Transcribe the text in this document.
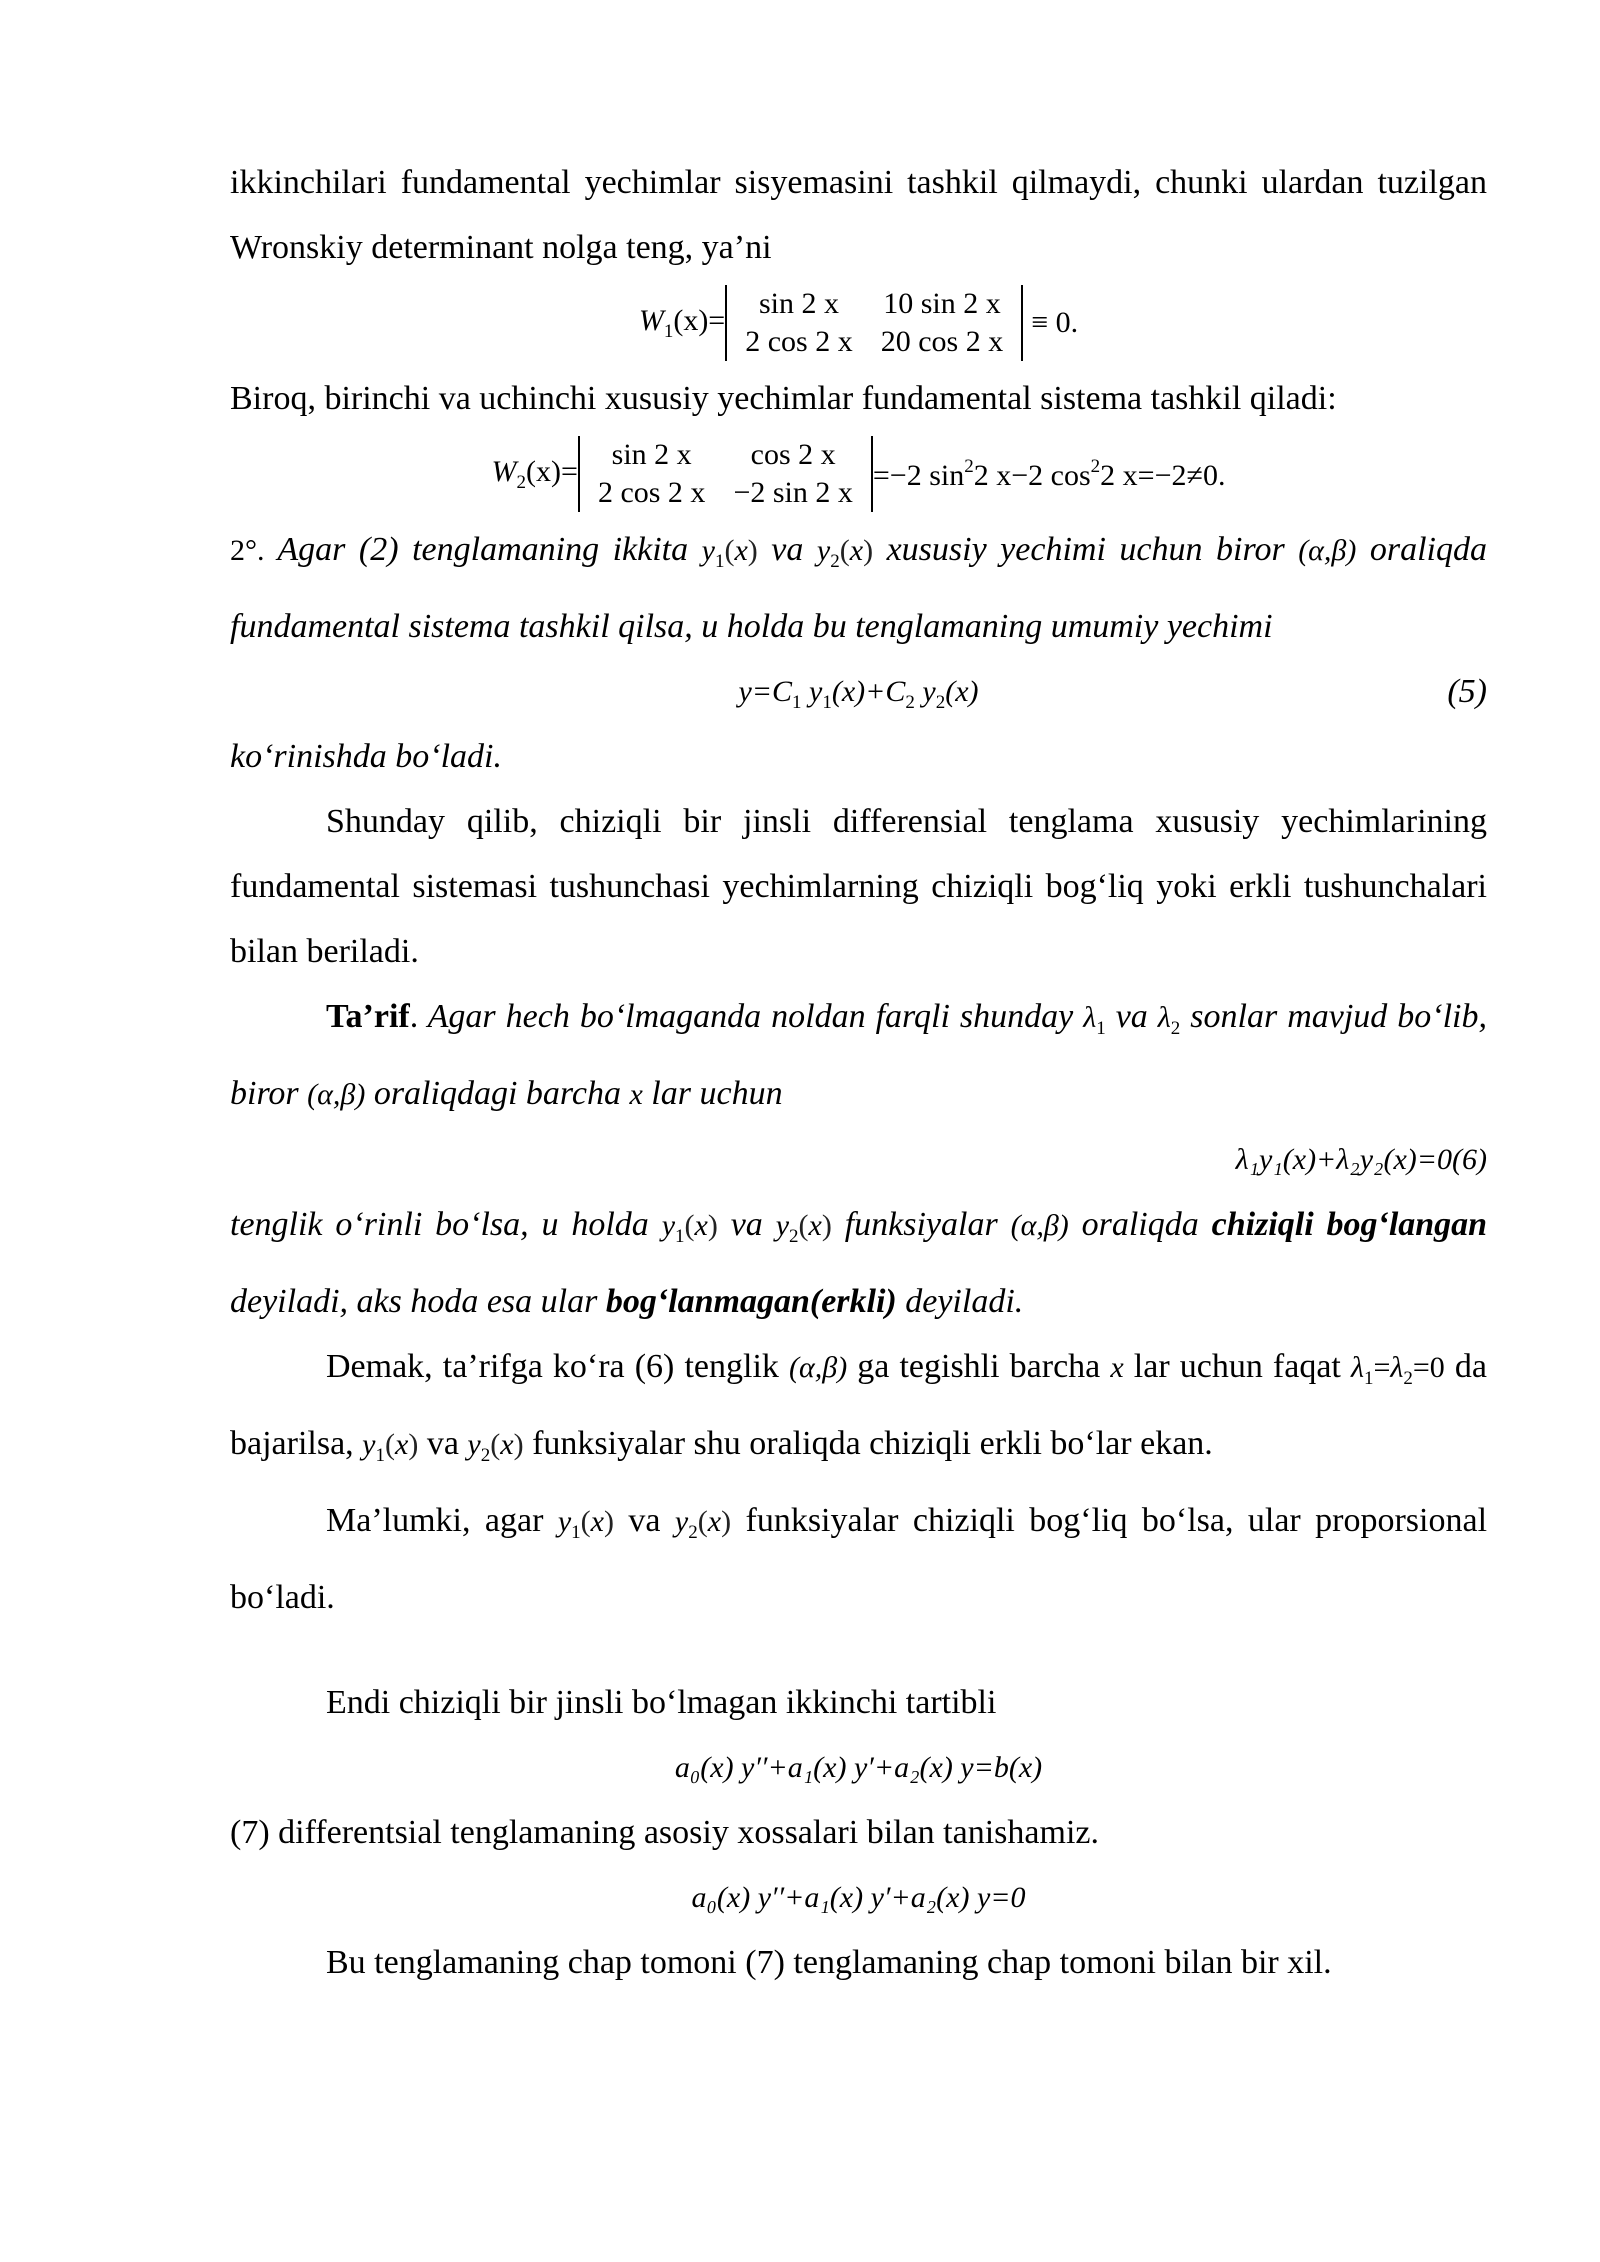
ikkinchilari fundamental yechimlar sisyemasini tashkil qilmaydi, chunki ulardan tuzilgan Wronskiy determinant nolga teng, ya’ni

$W_1(x)= \sin 2$ x	10 sin 2 x
2 cos 2 x	20 cos 2 x
≡ 0.

Biroq, birinchi va uchinchi xususiy yechimlar fundamental sistema tashkil qiladi:

$W_2(x)= \sin 2$ x	cos 2 x
2 cos 2 x	−2 sin 2 x
=−2 $\sin^22$ x−2 $\cos^22$ x=−2≠0.

2°. Agar (2) tenglamaning ikkita $y_1(x)$ va $y_2(x)$ xususiy yechimi uchun biror (α,β) oraliqda fundamental sistema tashkil qilsa, u holda bu tenglamaning umumiy yechimi

$y=C_1$ $y_1(x)+C_2$ $y_2(x)$	(5)

ko‘rinishda bo‘ladi.

Shunday qilib, chiziqli bir jinsli differensial tenglama xususiy yechimlarining fundamental sistemasi tushunchasi yechimlarning chiziqli bog‘liq yoki erkli tushunchalari bilan beriladi.

Ta’rif. Agar hech bo‘lmaganda noldan farqli shunday $\lambda_1$ va $\lambda_2$ sonlar mavjud bo‘lib, biror (α,β) oraliqdagi barcha x lar uchun

λ₁y₁(x)+λ₂y₂(x)=0(6)

tenglik o‘rinli bo‘lsa, u holda $y_1(x)$ va $y_2(x)$ funksiyalar (α,β) oraliqda chiziqli bog‘langan deyiladi, aks hoda esa ular bog‘lanmagan(erkli) deyiladi.

Demak, ta’rifga ko‘ra (6) tenglik (α,β) ga tegishli barcha x lar uchun faqat $\lambda_1=\lambda_2=0$ da bajarilsa, $y_1(x)$ va $y_2(x)$ funksiyalar shu oraliqda chiziqli erkli bo‘lar ekan.

Ma’lumki, agar $y_1(x)$ va $y_2(x)$ funksiyalar chiziqli bog‘liq bo‘lsa, ular proporsional bo‘ladi.

Endi chiziqli bir jinsli bo‘lmagan ikkinchi tartibli

a₀(x) y′′+a₁(x) y′+a₂(x) y=b(x)

(7) differentsial tenglamaning asosiy xossalari bilan tanishamiz.

a₀(x) y′′+a₁(x) y′+a₂(x) y=0

Bu tenglamaning chap tomoni (7) tenglamaning chap tomoni bilan bir xil.
